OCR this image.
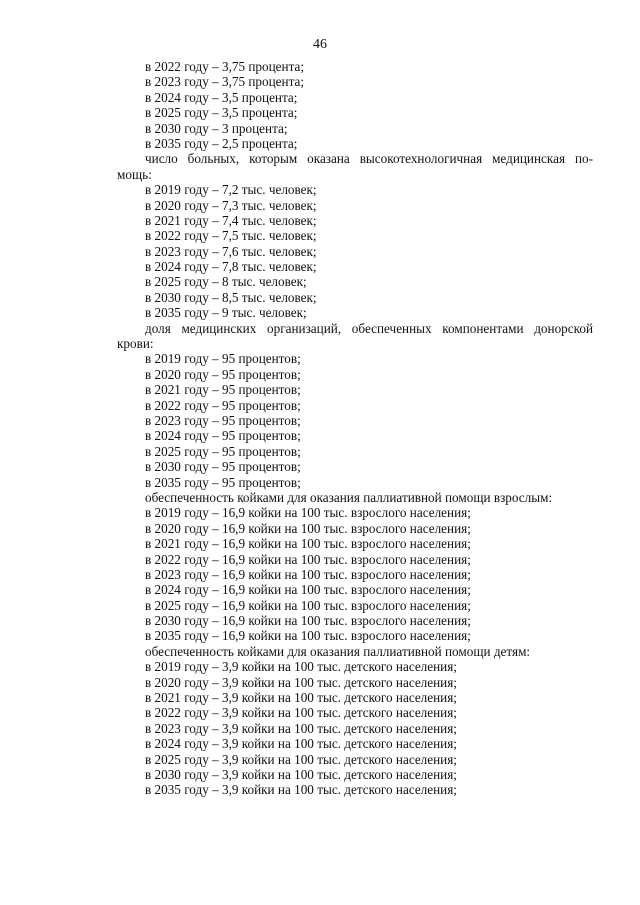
46
в 2022 году – 3,75 процента;
в 2023 году – 3,75 процента;
в 2024 году – 3,5 процента;
в 2025 году – 3,5 процента;
в 2030 году – 3 процента;
в 2035 году – 2,5 процента;
число больных, которым оказана высокотехнологичная медицинская по-
мощь:
в 2019 году – 7,2 тыс. человек;
в 2020 году – 7,3 тыс. человек;
в 2021 году – 7,4 тыс. человек;
в 2022 году – 7,5 тыс. человек;
в 2023 году – 7,6 тыс. человек;
в 2024 году – 7,8 тыс. человек;
в 2025 году – 8 тыс. человек;
в 2030 году – 8,5 тыс. человек;
в 2035 году – 9 тыс. человек;
доля медицинских организаций, обеспеченных компонентами донорской
крови:
в 2019 году – 95 процентов;
в 2020 году – 95 процентов;
в 2021 году – 95 процентов;
в 2022 году – 95 процентов;
в 2023 году – 95 процентов;
в 2024 году – 95 процентов;
в 2025 году – 95 процентов;
в 2030 году – 95 процентов;
в 2035 году – 95 процентов;
обеспеченность койками для оказания паллиативной помощи взрослым:
в 2019 году – 16,9 койки на 100 тыс. взрослого населения;
в 2020 году – 16,9 койки на 100 тыс. взрослого населения;
в 2021 году – 16,9 койки на 100 тыс. взрослого населения;
в 2022 году – 16,9 койки на 100 тыс. взрослого населения;
в 2023 году – 16,9 койки на 100 тыс. взрослого населения;
в 2024 году – 16,9 койки на 100 тыс. взрослого населения;
в 2025 году – 16,9 койки на 100 тыс. взрослого населения;
в 2030 году – 16,9 койки на 100 тыс. взрослого населения;
в 2035 году – 16,9 койки на 100 тыс. взрослого населения;
обеспеченность койками для оказания паллиативной помощи детям:
в 2019 году – 3,9 койки на 100 тыс. детского населения;
в 2020 году – 3,9 койки на 100 тыс. детского населения;
в 2021 году – 3,9 койки на 100 тыс. детского населения;
в 2022 году – 3,9 койки на 100 тыс. детского населения;
в 2023 году – 3,9 койки на 100 тыс. детского населения;
в 2024 году – 3,9 койки на 100 тыс. детского населения;
в 2025 году – 3,9 койки на 100 тыс. детского населения;
в 2030 году – 3,9 койки на 100 тыс. детского населения;
в 2035 году – 3,9 койки на 100 тыс. детского населения;
